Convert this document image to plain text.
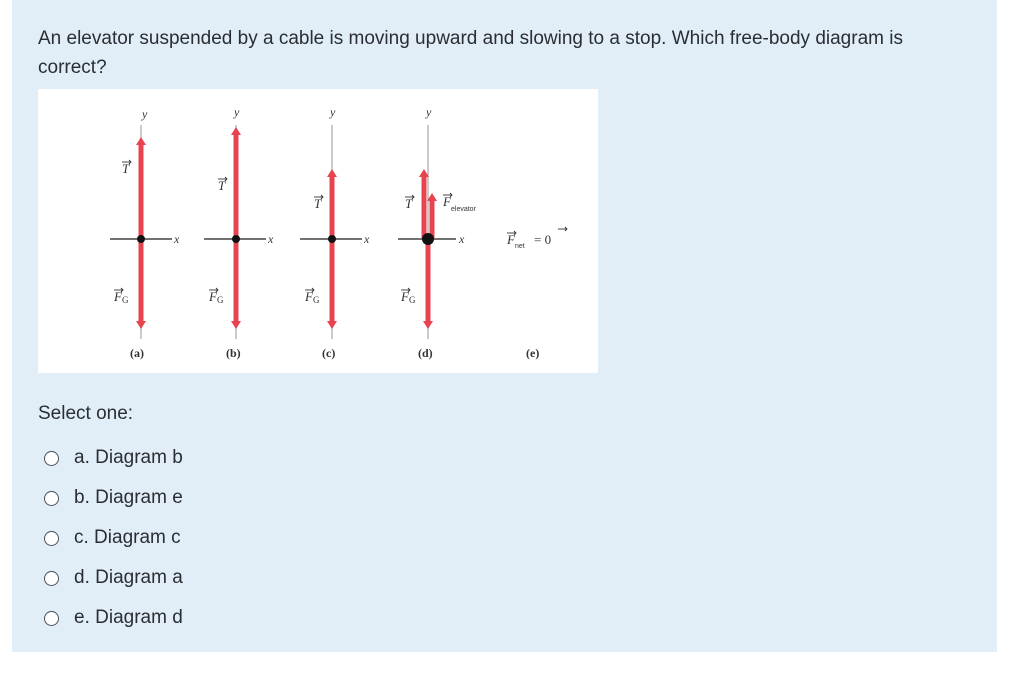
An elevator suspended by a cable is moving upward and slowing to a stop. Which free-body diagram is correct?

y
x
T
F G
(a)
y
x
T
F G
(b)
y
x
T
F G
(c)
y
x
T F
elevator
F G
(d)
F net = 0
(e)
Select one:
a. Diagram b
b. Diagram e
c. Diagram c
d. Diagram a
e. Diagram d
